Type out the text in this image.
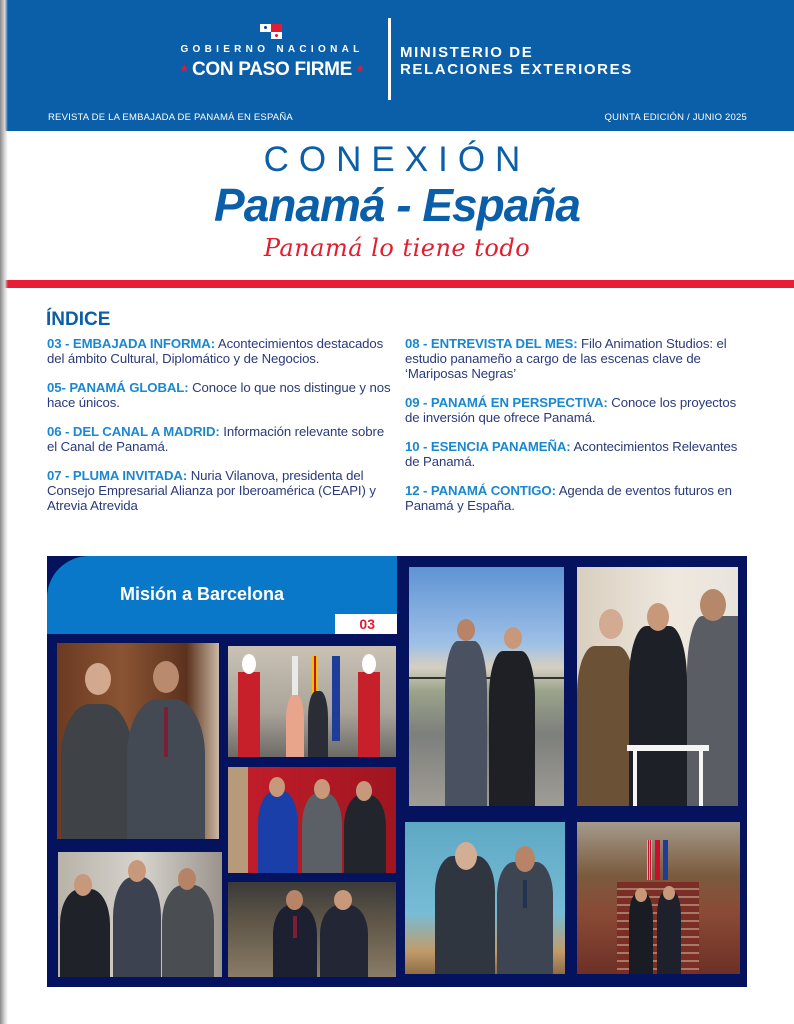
GOBIERNO NACIONAL
★ CON PASO FIRME ★
MINISTERIO DE
RELACIONES EXTERIORES
REVISTA DE LA EMBAJADA DE PANAMÁ EN ESPAÑA	QUINTA EDICIÓN / JUNIO 2025
CONEXIÓN
Panamá - España
Panamá lo tiene todo
ÍNDICE
03 - EMBAJADA INFORMA: Acontecimientos destacados del ámbito Cultural, Diplomático y de Negocios.
05- PANAMÁ GLOBAL: Conoce lo que nos distingue y nos hace únicos.
06 - DEL CANAL A MADRID: Información relevante sobre el Canal de Panamá.
07 - PLUMA INVITADA: Nuria Vilanova, presidenta del Consejo Empresarial Alianza por Iberoamérica (CEAPI) y Atrevia Atrevida
08 - ENTREVISTA DEL MES: Filo Animation Studios: el estudio panameño a cargo de las escenas clave de ‘Mariposas Negras’
09 - PANAMÁ EN PERSPECTIVA: Conoce los proyectos de inversión que ofrece Panamá.
10 - ESENCIA PANAMEÑA: Acontecimientos Relevantes de Panamá.
12 - PANAMÁ CONTIGO: Agenda de eventos futuros en Panamá y España.
Misión a Barcelona
03
